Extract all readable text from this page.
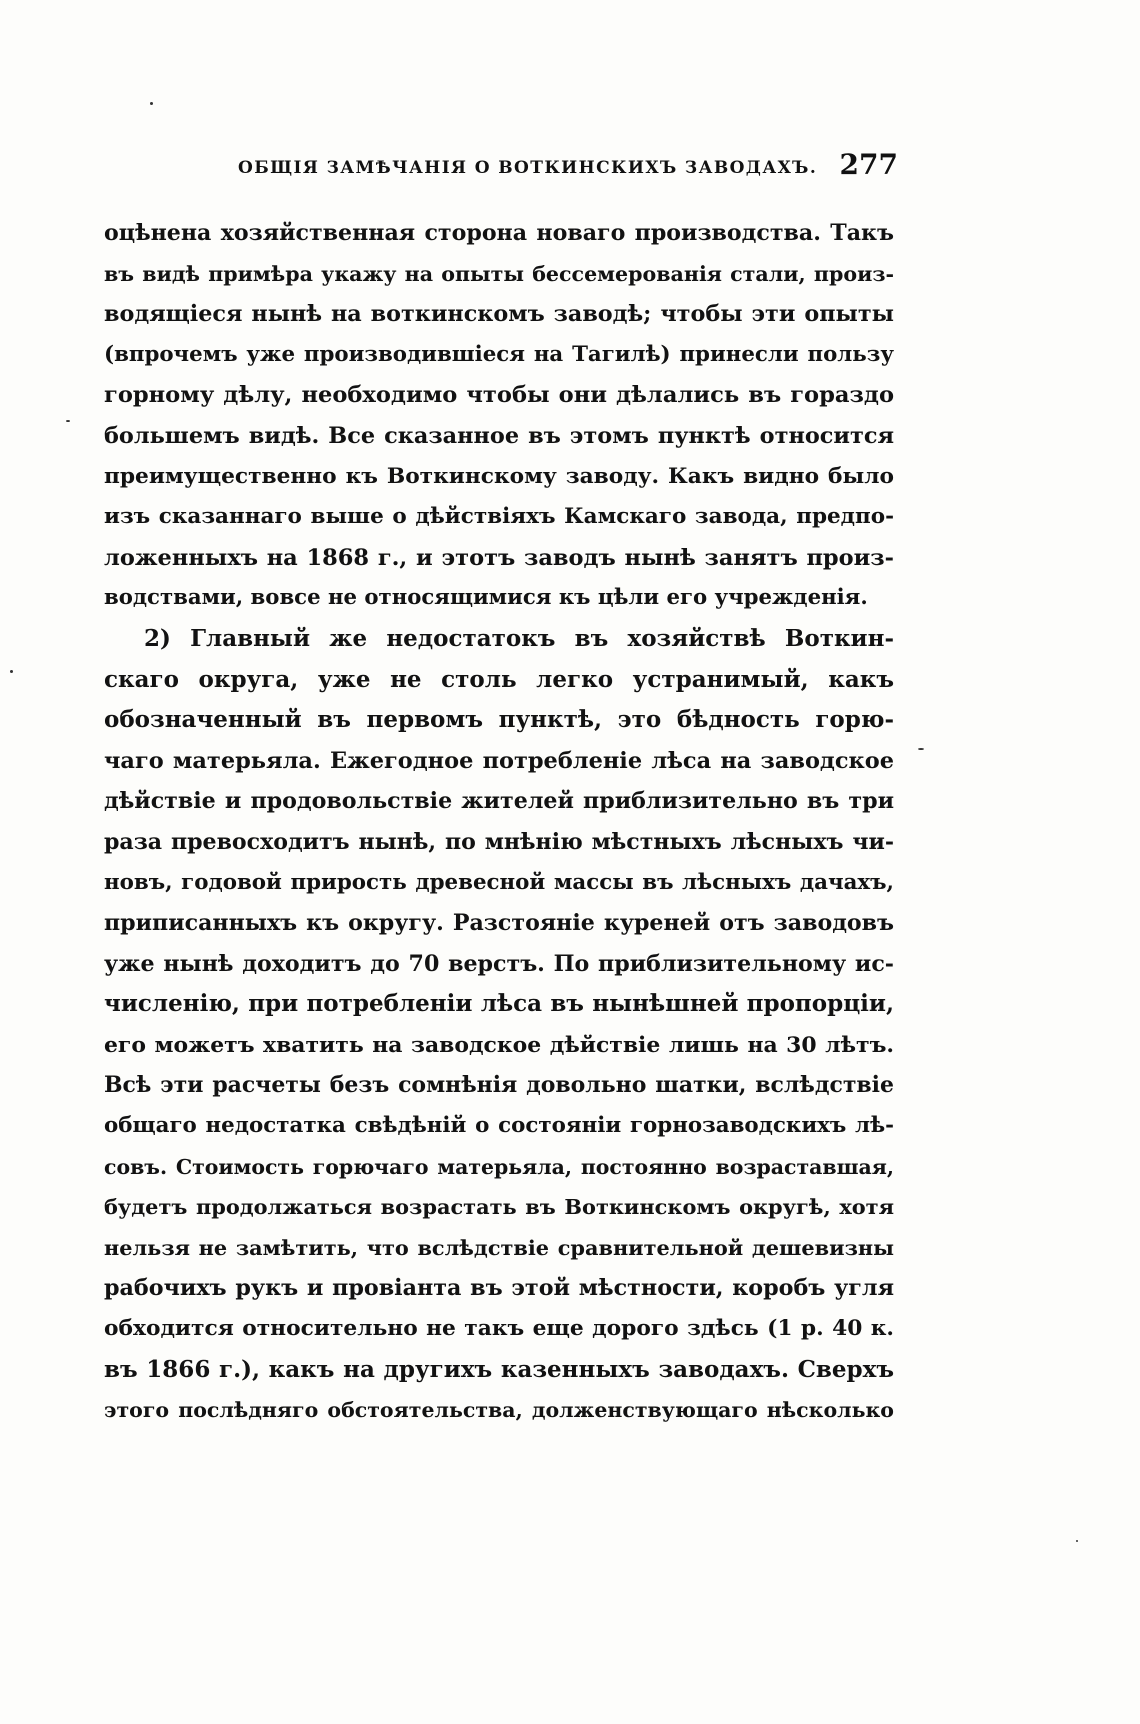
ОБЩІЯ ЗАМѢЧАНІЯ О ВОТКИНСКИХЪ ЗАВОДАХЪ. 277
оцѣнена хозяйственная сторона новаго производства. Такъ
въ видѣ примѣра укажу на опыты бессемерованія стали, произ-
водящіеся нынѣ на воткинскомъ заводѣ; чтобы эти опыты
(впрочемъ уже производившіеся на Тагилѣ) принесли пользу
горному дѣлу, необходимо чтобы они дѣлались въ гораздо
большемъ видѣ. Все сказанное въ этомъ пунктѣ относится
преимущественно къ Воткинскому заводу. Какъ видно было
изъ сказаннаго выше о дѣйствіяхъ Камскаго завода, предпо-
ложенныхъ на 1868 г., и этотъ заводъ нынѣ занятъ произ-
водствами, вовсе не относящимися къ цѣли его учрежденія.
2) Главный же недостатокъ въ хозяйствѣ Воткин-
скаго округа, уже не столь легко устранимый, какъ
обозначенный въ первомъ пунктѣ, это бѣдность горю-
чаго матерьяла. Ежегодное потребленіе лѣса на заводское
дѣйствіе и продовольствіе жителей приблизительно въ три
раза превосходитъ нынѣ, по мнѣнію мѣстныхъ лѣсныхъ чи-
новъ, годовой прирость древесной массы въ лѣсныхъ дачахъ,
приписанныхъ къ округу. Разстояніе куреней отъ заводовъ
уже нынѣ доходитъ до 70 верстъ. По приблизительному ис-
численію, при потребленіи лѣса въ нынѣшней пропорціи,
его можетъ хватить на заводское дѣйствіе лишь на 30 лѣтъ.
Всѣ эти расчеты безъ сомнѣнія довольно шатки, вслѣдствіе
общаго недостатка свѣдѣній о состояніи горнозаводскихъ лѣ-
совъ. Стоимость горючаго матерьяла, постоянно возраставшая,
будетъ продолжаться возрастать въ Воткинскомъ округѣ, хотя
нельзя не замѣтить, что вслѣдствіе сравнительной дешевизны
рабочихъ рукъ и провіанта въ этой мѣстности, коробъ угля
обходится относительно не такъ еще дорого здѣсь (1 р. 40 к.
въ 1866 г.), какъ на другихъ казенныхъ заводахъ. Сверхъ
этого послѣдняго обстоятельства, долженствующаго нѣсколько
